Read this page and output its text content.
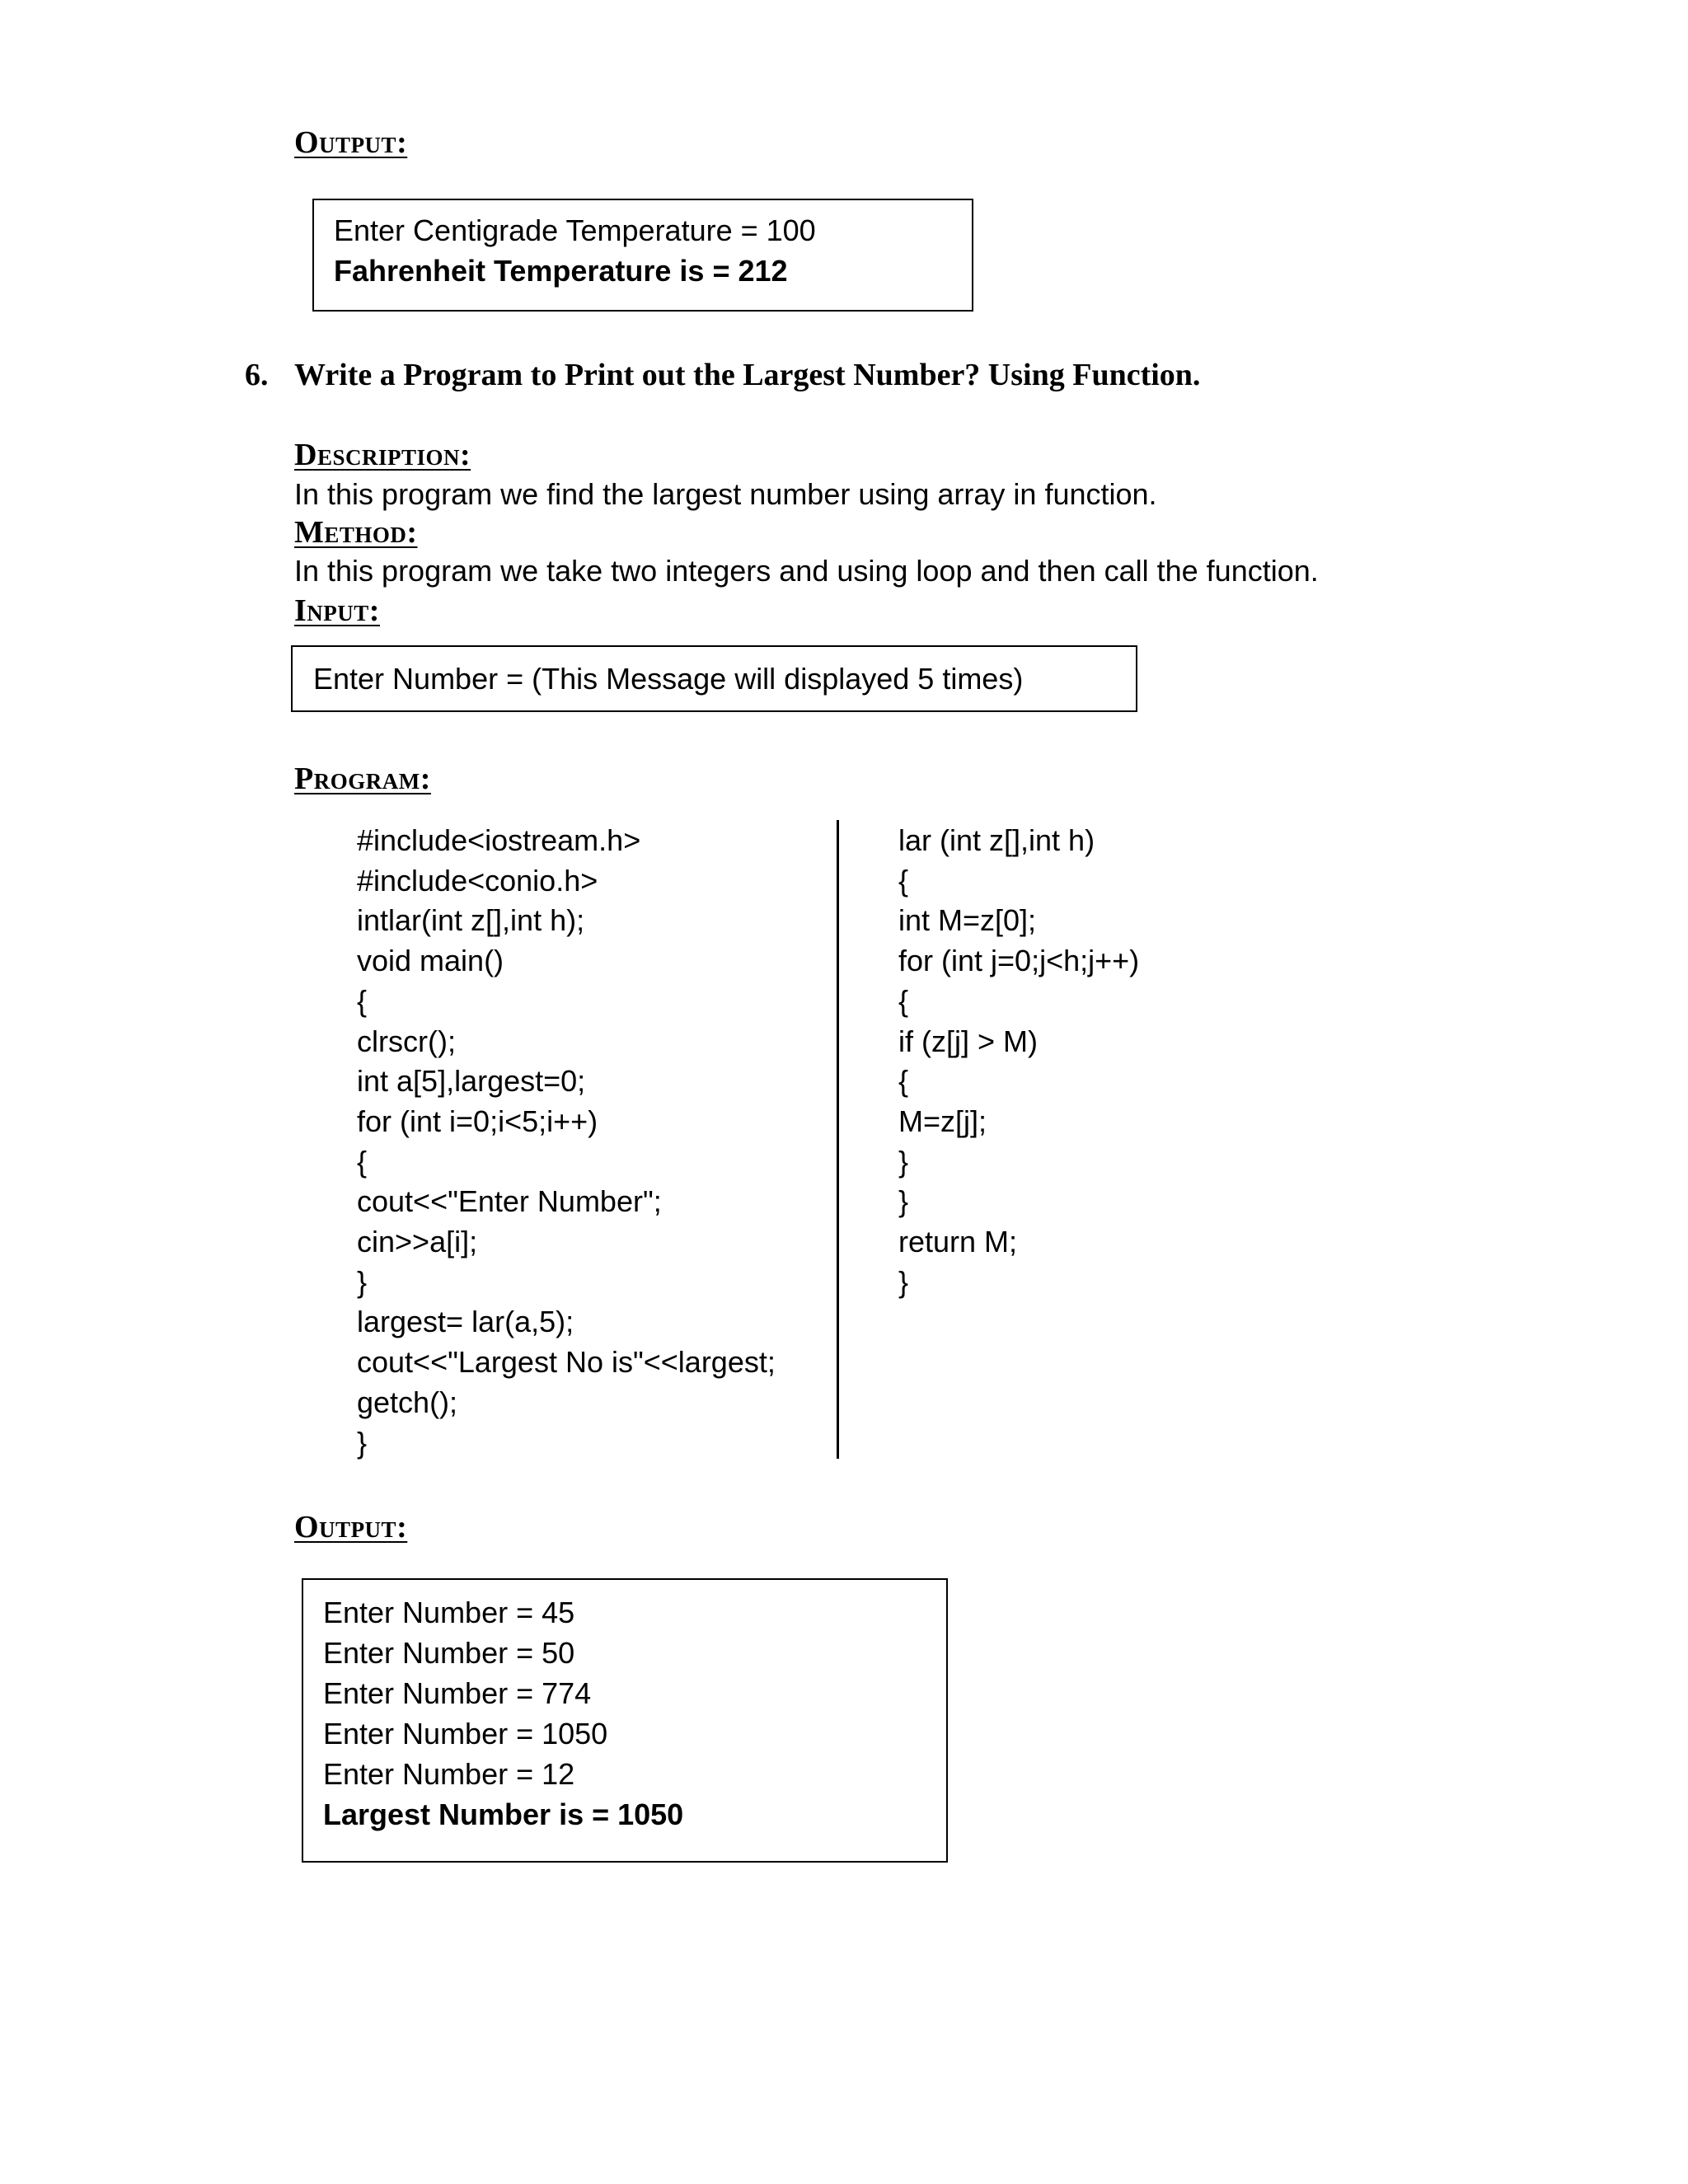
Output:
Enter Centigrade Temperature = 100
Fahrenheit Temperature is = 212
6. Write a Program to Print out the Largest Number? Using Function.
Description:
In this program we find the largest number using array in function.
Method:
In this program we take two integers and using loop and then call the function.
Input:
Enter Number = (This Message will displayed 5 times)
Program:
#include<iostream.h>
#include<conio.h>
intlar(int z[],int h);
void main()
{
clrscr();
int a[5],largest=0;
for (int i=0;i<5;i++)
{
cout<<"Enter Number";
cin>>a[i];
}
largest= lar(a,5);
cout<<"Largest No is"<<largest;
getch();
}
lar (int z[],int h)
{
int M=z[0];
for (int j=0;j<h;j++)
{
if (z[j] > M)
{
M=z[j];
}
}
return M;
}
Output:
Enter Number = 45
Enter Number = 50
Enter Number = 774
Enter Number = 1050
Enter Number = 12
Largest Number is = 1050
